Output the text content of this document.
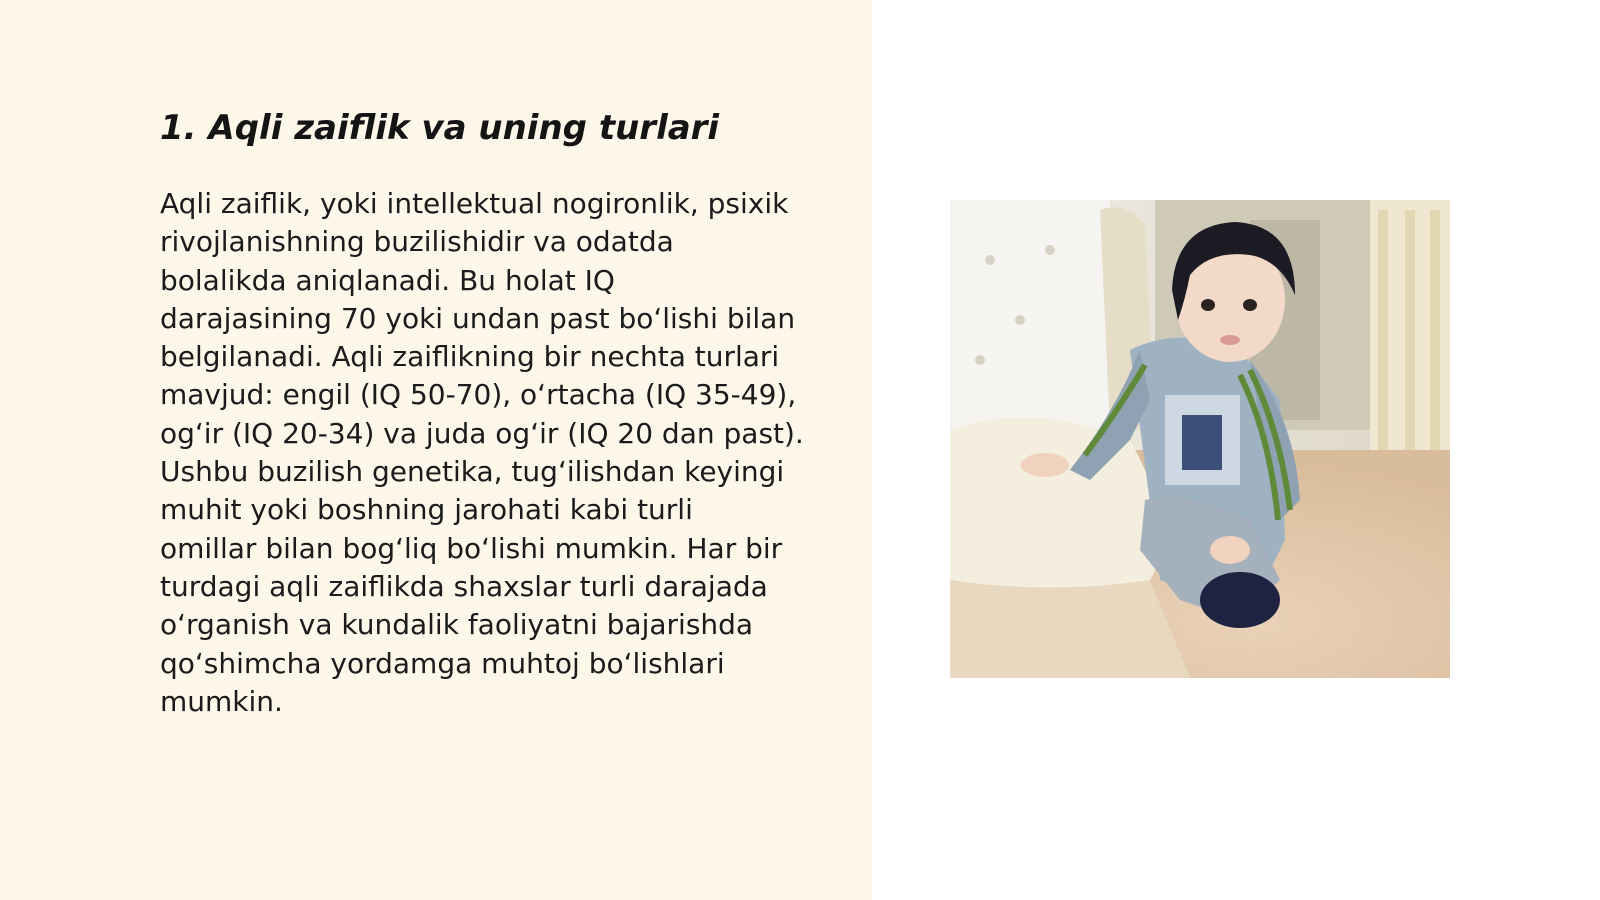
1. Aqli zaiflik va uning turlari

Aqli zaiflik, yoki intellektual nogironlik, psixik
rivojlanishning buzilishidir va odatda
bolalikda aniqlanadi. Bu holat IQ
darajasining 70 yoki undan past boʻlishi bilan
belgilanadi. Aqli zaiflikning bir nechta turlari
mavjud: engil (IQ 50-70), oʻrtacha (IQ 35-49),
ogʻir (IQ 20-34) va juda ogʻir (IQ 20 dan past).
Ushbu buzilish genetika, tugʻilishdan keyingi
muhit yoki boshning jarohati kabi turli
omillar bilan bogʻliq boʻlishi mumkin. Har bir
turdagi aqli zaiflikda shaxslar turli darajada
oʻrganish va kundalik faoliyatni bajarishda
qoʻshimcha yordamga muhtoj boʻlishlari
mumkin.
